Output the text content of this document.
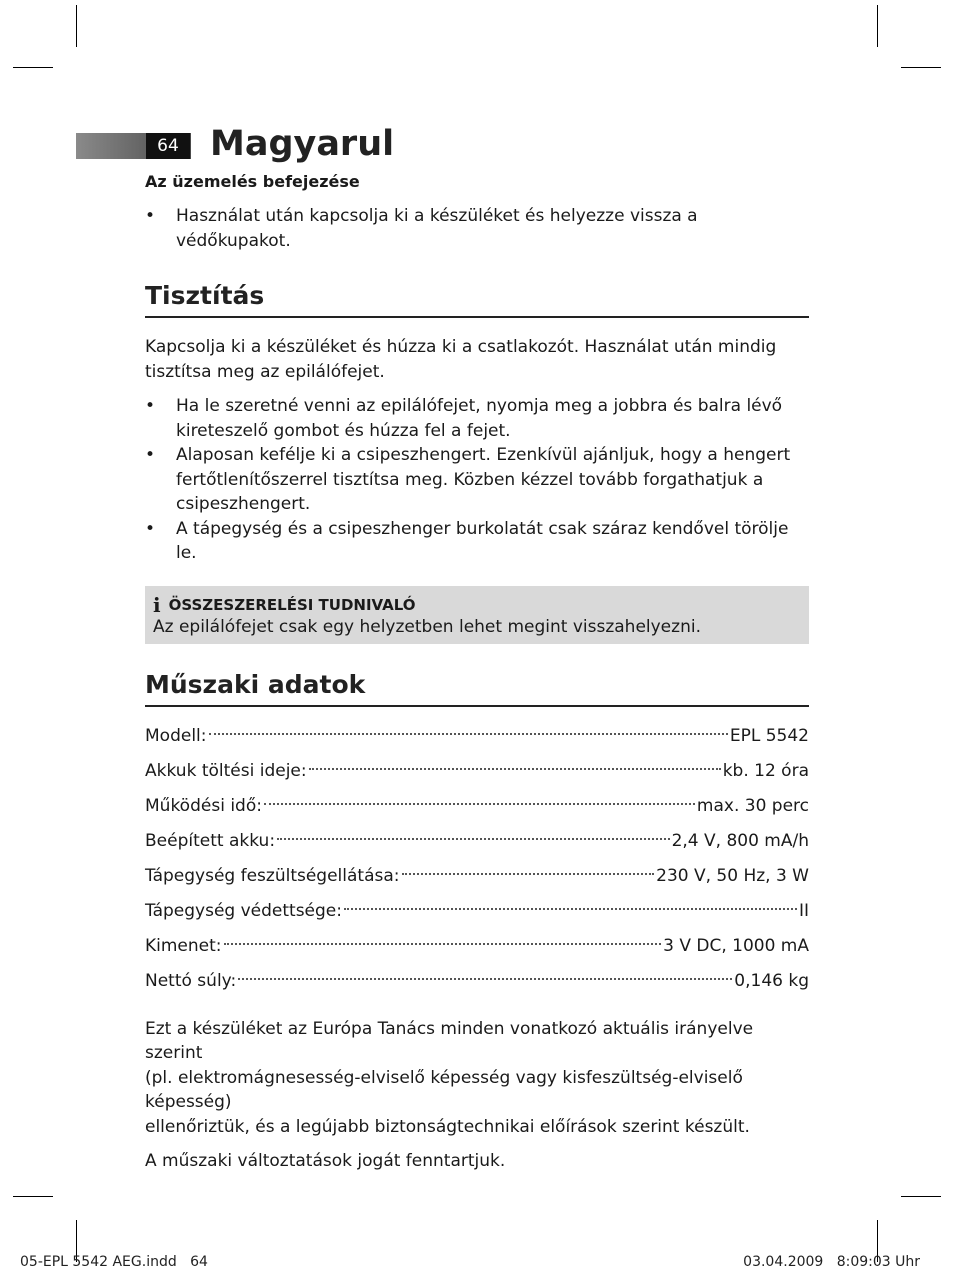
64 Magyarul

Az üzemelés befejezése

• Használat után kapcsolja ki a készüléket és helyezze vissza a védőkupakot.
Tisztítás

Kapcsolja ki a készüléket és húzza ki a csatlakozót. Használat után mindig
tisztítsa meg az epilálófejet.

• Ha le szeretné venni az epilálófejet, nyomja meg a jobbra és balra lévő
kireteszelő gombot és húzza fel a fejet.
• Alaposan kefélje ki a csipeszhengert. Ezenkívül ajánljuk, hogy a hengert
fertőtlenítőszerrel tisztítsa meg. Közben kézzel tovább forgathatjuk a
csipeszhengert.
• A tápegység és a csipeszhenger burkolatát csak száraz kendővel törölje le.
i ÖSSZESZERELÉSI TUDNIVALÓ
Az epilálófejet csak egy helyzetben lehet megint visszahelyezni.
Műszaki adatok
Modell:	EPL 5542
Akkuk töltési ideje:	kb. 12 óra
Működési idő:	max. 30 perc
Beépített akku:	2,4 V, 800 mA/h
Tápegység feszültségellátása:	230 V, 50 Hz, 3 W
Tápegység védettsége:	II
Kimenet:	3 V DC, 1000 mA
Nettó súly:	0,146 kg

Ezt a készüléket az Európa Tanács minden vonatkozó aktuális irányelve szerint
(pl. elektromágnesesség-elviselő képesség vagy kisfeszültség-elviselő képesség)
ellenőriztük, és a legújabb biztonságtechnikai előírások szerint készült.

A műszaki változtatások jogát fenntartjuk.

05-EPL 5542 AEG.indd 64	03.04.2009 8:09:03 Uhr
